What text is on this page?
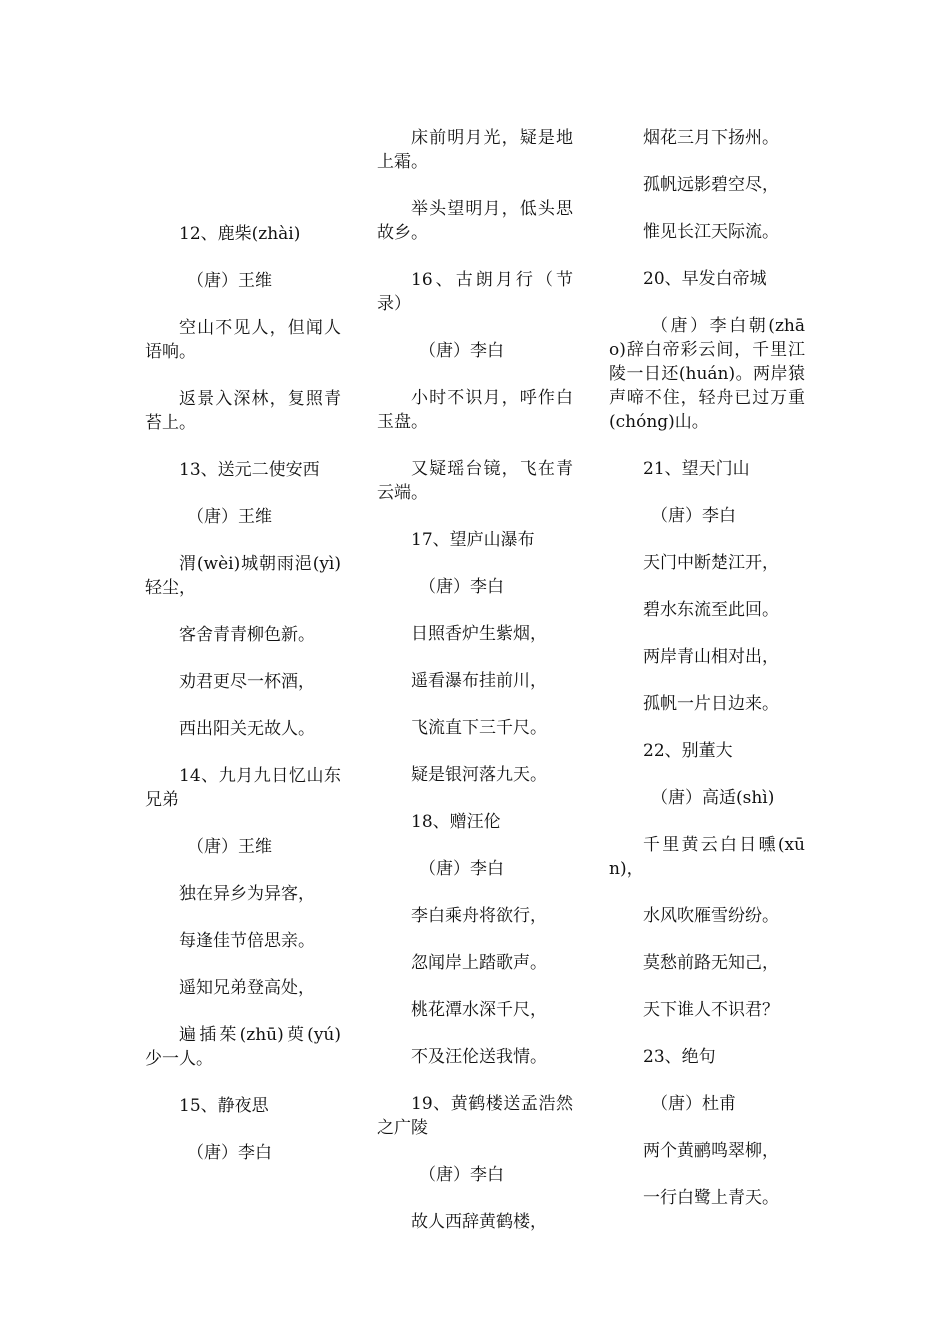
12、鹿柴(zhài)

（唐）王维

空山不见人，但闻人语响。

返景入深林，复照青苔上。

13、送元二使安西

（唐）王维

渭(wèi)城朝雨浥(yì)轻尘，

客舍青青柳色新。

劝君更尽一杯酒，

西出阳关无故人。

14、九月九日忆山东兄弟

（唐）王维

独在异乡为异客，

每逢佳节倍思亲。

遥知兄弟登高处，

遍插茱(zhū)萸(yú)少一人。

15、静夜思

（唐）李白

床前明月光，疑是地上霜。

举头望明月，低头思故乡。

16、古朗月行（节录）

（唐）李白

小时不识月，呼作白玉盘。

又疑瑶台镜，飞在青云端。

17、望庐山瀑布

（唐）李白

日照香炉生紫烟，

遥看瀑布挂前川，

飞流直下三千尺。

疑是银河落九天。

18、赠汪伦

（唐）李白

李白乘舟将欲行，

忽闻岸上踏歌声。

桃花潭水深千尺，

不及汪伦送我情。

19、黄鹤楼送孟浩然之广陵

（唐）李白

故人西辞黄鹤楼，

烟花三月下扬州。

孤帆远影碧空尽，

惟见长江天际流。

20、早发白帝城

（唐）李白朝(zhāo)辞白帝彩云间，千里江陵一日还(huán)。两岸猿声啼不住，轻舟已过万重(chóng)山。

21、望天门山

（唐）李白

天门中断楚江开，

碧水东流至此回。

两岸青山相对出，

孤帆一片日边来。

22、别董大

（唐）高适(shì)

千里黄云白日曛(xūn)，

水风吹雁雪纷纷。

莫愁前路无知己，

天下谁人不识君？

23、绝句

（唐）杜甫

两个黄鹂鸣翠柳，

一行白鹭上青天。
